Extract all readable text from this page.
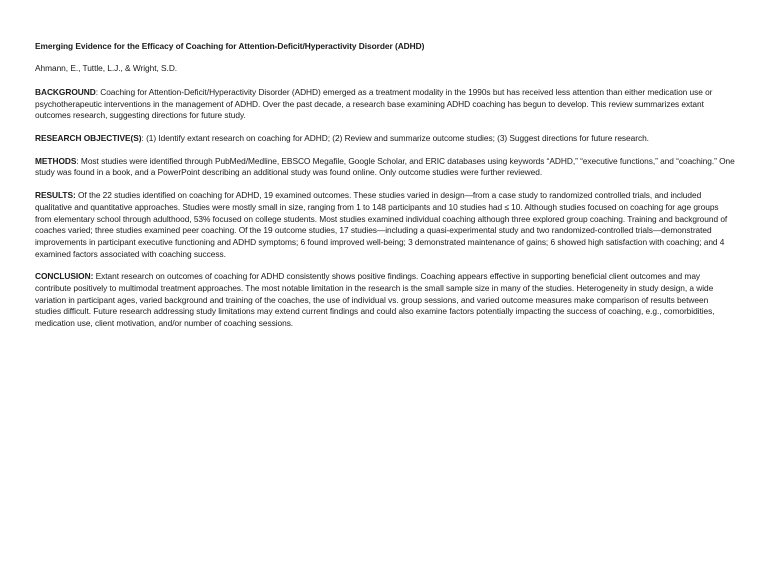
Emerging Evidence for the Efficacy of Coaching for Attention-Deficit/Hyperactivity Disorder (ADHD)
Ahmann, E., Tuttle, L.J., & Wright, S.D.
BACKGROUND: Coaching for Attention-Deficit/Hyperactivity Disorder (ADHD) emerged as a treatment modality in the 1990s but has received less attention than either medication use or psychotherapeutic interventions in the management of ADHD. Over the past decade, a research base examining ADHD coaching has begun to develop. This review summarizes extant outcomes research, suggesting directions for future study.
RESEARCH OBJECTIVE(S): (1) Identify extant research on coaching for ADHD; (2) Review and summarize outcome studies; (3) Suggest directions for future research.
METHODS: Most studies were identified through PubMed/Medline, EBSCO Megafile, Google Scholar, and ERIC databases using keywords “ADHD,” “executive functions,” and “coaching.” One study was found in a book, and a PowerPoint describing an additional study was found online. Only outcome studies were further reviewed.
RESULTS: Of the 22 studies identified on coaching for ADHD, 19 examined outcomes. These studies varied in design—from a case study to randomized controlled trials, and included qualitative and quantitative approaches. Studies were mostly small in size, ranging from 1 to 148 participants and 10 studies had ≤ 10. Although studies focused on coaching for age groups from elementary school through adulthood, 53% focused on college students. Most studies examined individual coaching although three explored group coaching. Training and background of coaches varied; three studies examined peer coaching. Of the 19 outcome studies, 17 studies—including a quasi-experimental study and two randomized-controlled trials—demonstrated improvements in participant executive functioning and ADHD symptoms; 6 found improved well-being; 3 demonstrated maintenance of gains; 6 showed high satisfaction with coaching; and 4 examined factors associated with coaching success.
CONCLUSION: Extant research on outcomes of coaching for ADHD consistently shows positive findings. Coaching appears effective in supporting beneficial client outcomes and may contribute positively to multimodal treatment approaches. The most notable limitation in the research is the small sample size in many of the studies. Heterogeneity in study design, a wide variation in participant ages, varied background and training of the coaches, the use of individual vs. group sessions, and varied outcome measures make comparison of results between studies difficult. Future research addressing study limitations may extend current findings and could also examine factors potentially impacting the success of coaching, e.g., comorbidities, medication use, client motivation, and/or number of coaching sessions.
